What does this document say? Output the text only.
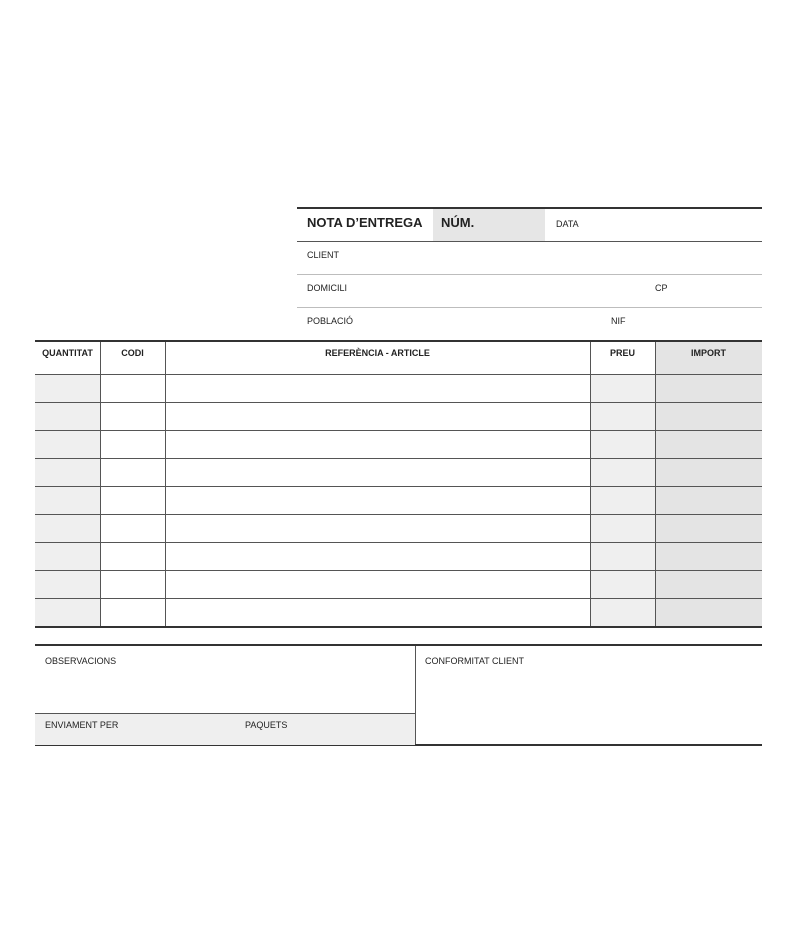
NOTA D’ENTREGA NÚM.	DATA
CLIENT
DOMICILI	CP
POBLACIÓ	NIF
QUANTITAT	CODI	REFERÈNCIA - ARTICLE	PREU	IMPORT
OBSERVACIONS
ENVIAMENT PER	PAQUETS
CONFORMITAT CLIENT
